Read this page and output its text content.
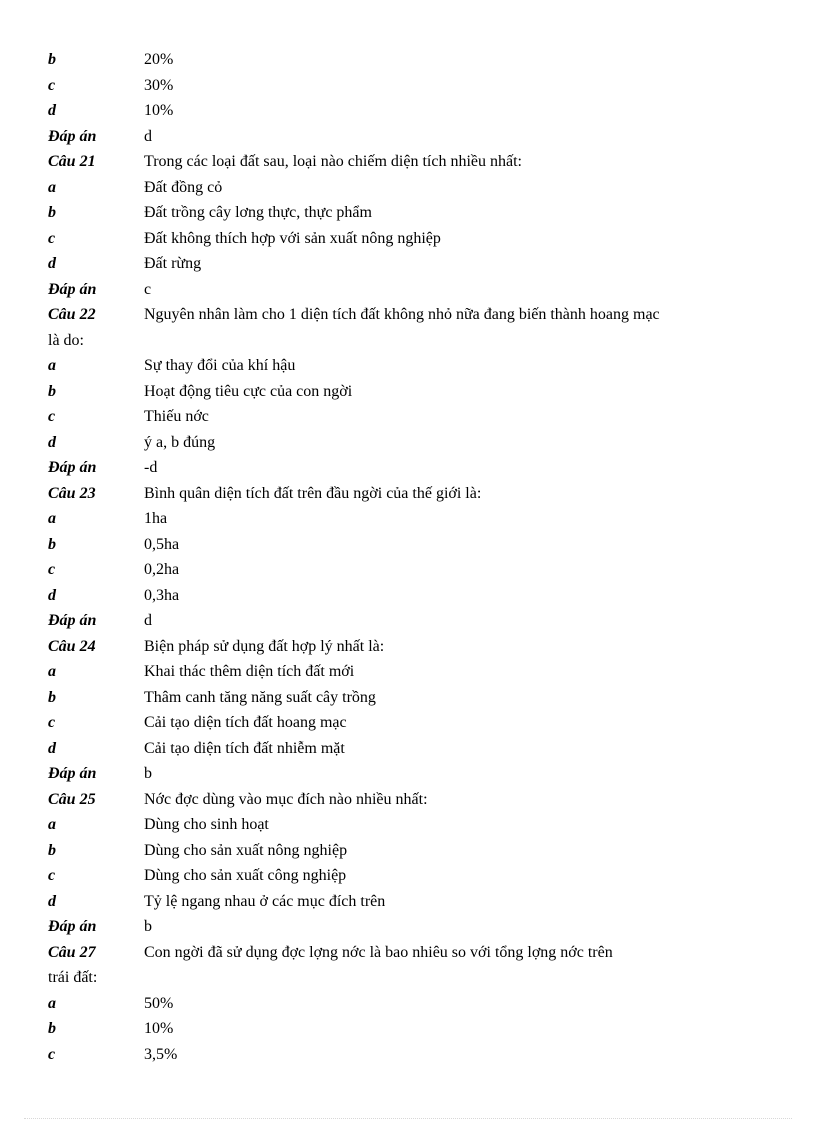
b	20%
c	30%
d	10%
Đáp án	d
Câu 21	Trong các loại đất sau, loại nào chiếm diện tích nhiều nhất:
a	Đất đồng cỏ
b	Đất trồng cây lơng thực, thực phẩm
c	Đất không thích hợp với sản xuất nông nghiệp
d	Đất rừng
Đáp án	c
Câu 22	Nguyên nhân làm cho 1 diện tích đất không nhỏ nữa đang biến thành hoang mạc
là do:
a	Sự thay đổi của khí hậu
b	Hoạt động tiêu cực của con ngời
c	Thiếu nớc
d	ý a, b đúng
Đáp án	-d
Câu 23	Bình quân diện tích đất trên đầu ngời của thế giới là:
a	1ha
b	0,5ha
c	0,2ha
d	0,3ha
Đáp án	d
Câu 24	Biện pháp sử dụng đất hợp lý nhất là:
a	Khai thác thêm diện tích đất mới
b	Thâm canh tăng năng suất cây trồng
c	Cải tạo diện tích đất hoang mạc
d	Cải tạo diện tích đất nhiễm mặt
Đáp án	b
Câu 25	Nớc đợc dùng vào mục đích nào nhiều nhất:
a	Dùng cho sinh hoạt
b	Dùng cho sản xuất nông nghiệp
c	Dùng cho sản xuất công nghiệp
d	Tỷ lệ ngang nhau ở các mục đích trên
Đáp án	b
Câu 27	Con ngời đã sử dụng đợc lợng nớc là bao nhiêu so với tổng lợng nớc trên
trái đất:
a	50%
b	10%
c	3,5%
